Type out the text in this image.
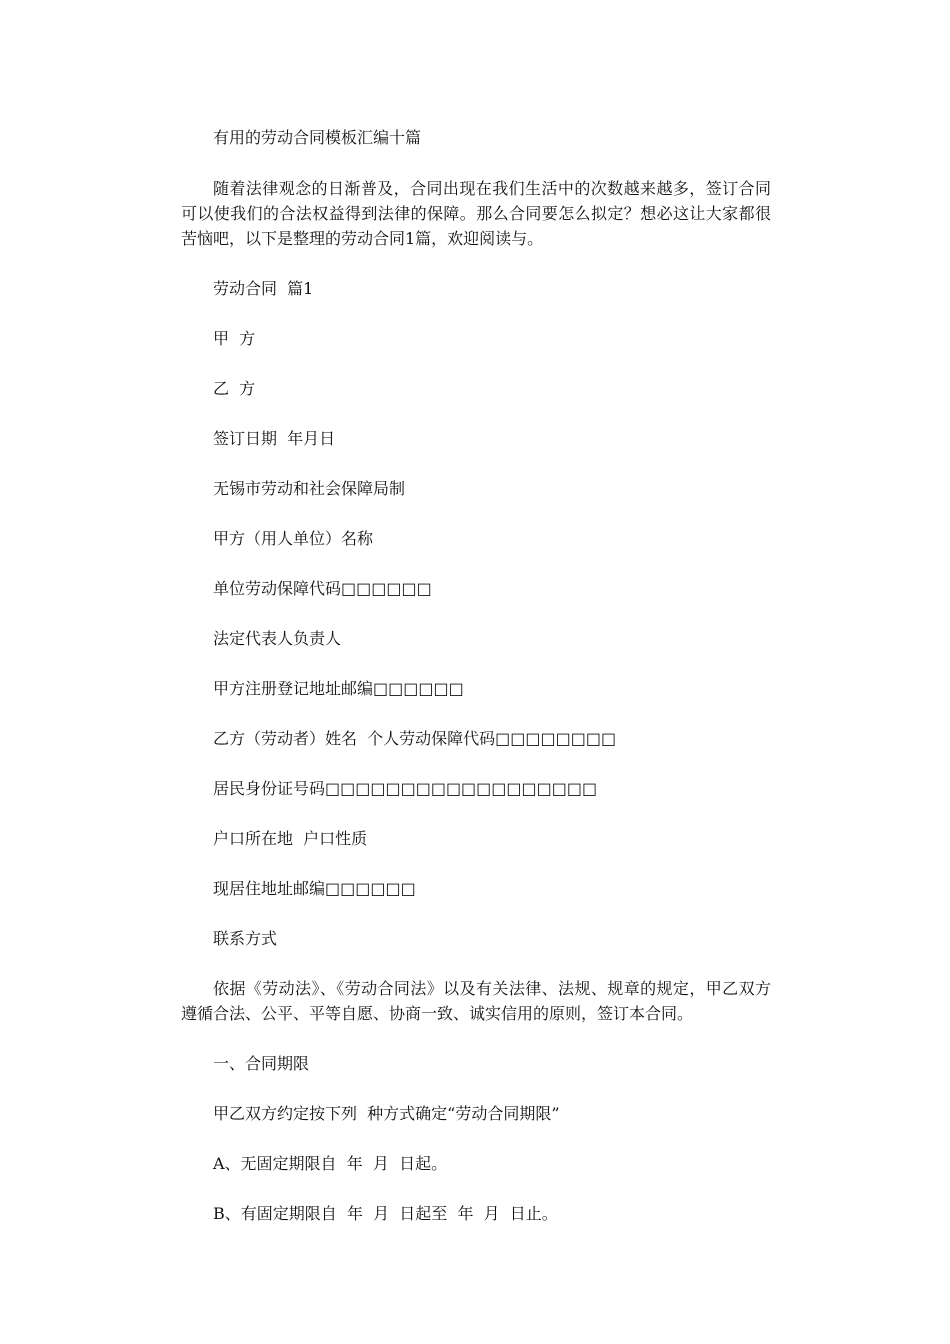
有用的劳动合同模板汇编十篇

随着法律观念的日渐普及，合同出现在我们生活中的次数越来越多，签订合同可以使我们的合法权益得到法律的保障。那么合同要怎么拟定？想必这让大家都很苦恼吧，以下是整理的劳动合同1篇，欢迎阅读与。

劳动合同  篇1

甲  方

乙  方

签订日期  年月日

无锡市劳动和社会保障局制

甲方（用人单位）名称

单位劳动保障代码□□□□□□

法定代表人负责人

甲方注册登记地址邮编□□□□□□

乙方（劳动者）姓名  个人劳动保障代码□□□□□□□□

居民身份证号码□□□□□□□□□□□□□□□□□□

户口所在地  户口性质

现居住地址邮编□□□□□□

联系方式

依据《劳动法》、《劳动合同法》以及有关法律、法规、规章的规定，甲乙双方遵循合法、公平、平等自愿、协商一致、诚实信用的原则，签订本合同。

一、合同期限

甲乙双方约定按下列  种方式确定“劳动合同期限”

A、无固定期限自  年  月  日起。

B、有固定期限自  年  月  日起至  年  月  日止。
